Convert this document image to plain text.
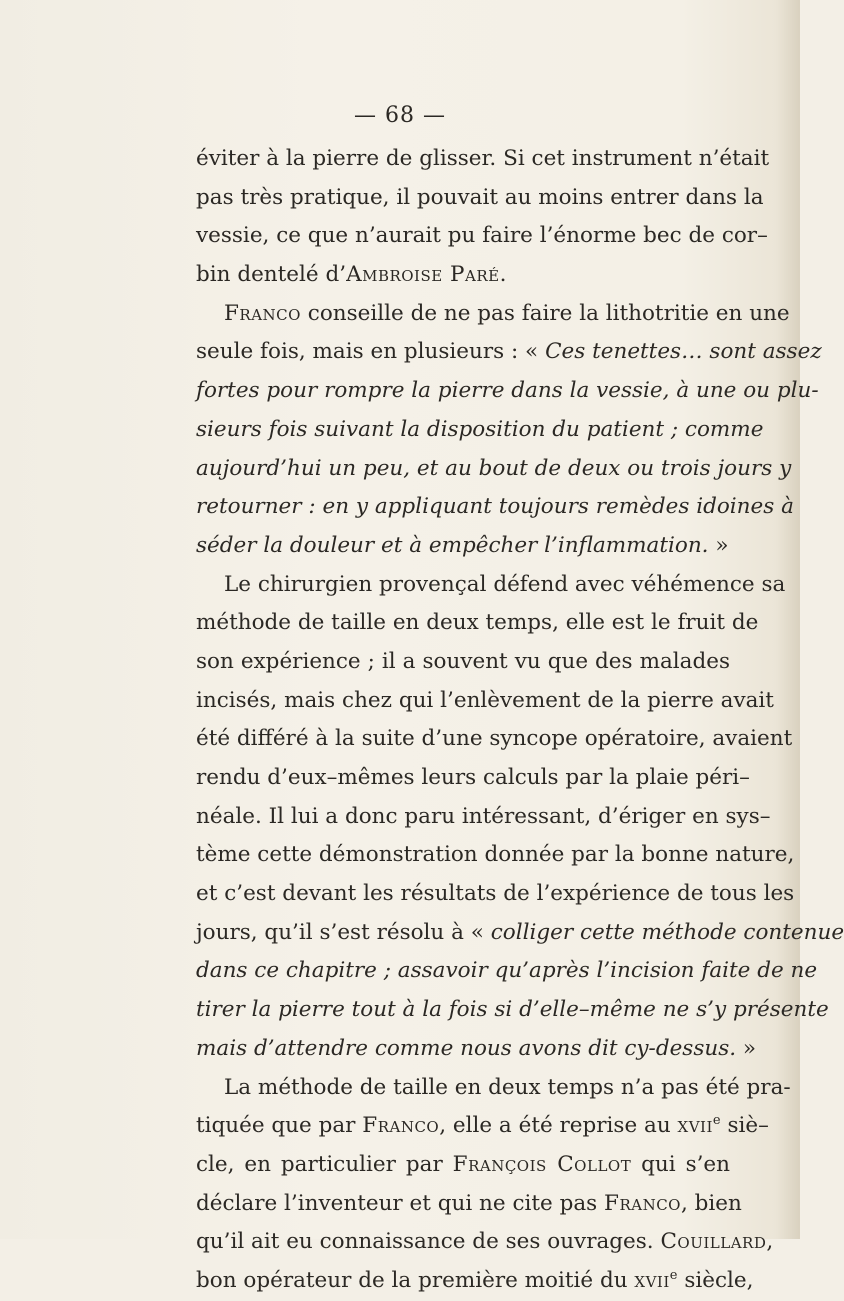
— 68 —
éviter à la pierre de glisser. Si cet instrument n’était
pas très pratique, il pouvait au moins entrer dans la
vessie, ce que n’aurait pu faire l’énorme bec de cor–
bin dentelé d’Ambroise Paré.
Franco conseille de ne pas faire la lithotritie en une
seule fois, mais en plusieurs : « Ces tenettes… sont assez
fortes pour rompre la pierre dans la vessie, à une ou plu-
sieurs fois suivant la disposition du patient ; comme
aujourd’hui un peu, et au bout de deux ou trois jours y
retourner : en y appliquant toujours remèdes idoines à
séder la douleur et à empêcher l’inflammation. »
Le chirurgien provençal défend avec véhémence sa
méthode de taille en deux temps, elle est le fruit de
son expérience ; il a souvent vu que des malades
incisés, mais chez qui l’enlèvement de la pierre avait
été différé à la suite d’une syncope opératoire, avaient
rendu d’eux–mêmes leurs calculs par la plaie péri–
néale. Il lui a donc paru intéressant, d’ériger en sys–
tème cette démonstration donnée par la bonne nature,
et c’est devant les résultats de l’expérience de tous les
jours, qu’il s’est résolu à « colliger cette méthode contenue
dans ce chapitre ; assavoir qu’après l’incision faite de ne
tirer la pierre tout à la fois si d’elle–même ne s’y présente
mais d’attendre comme nous avons dit cy-dessus. »
La méthode de taille en deux temps n’a pas été pra-
tiquée que par Franco, elle a été reprise au xvii$^e$ siè–
cle, en particulier par François Collot qui s’en
déclare l’inventeur et qui ne cite pas Franco, bien
qu’il ait eu connaissance de ses ouvrages. Couillard,
bon opérateur de la première moitié du xvii$^e$ siècle,
